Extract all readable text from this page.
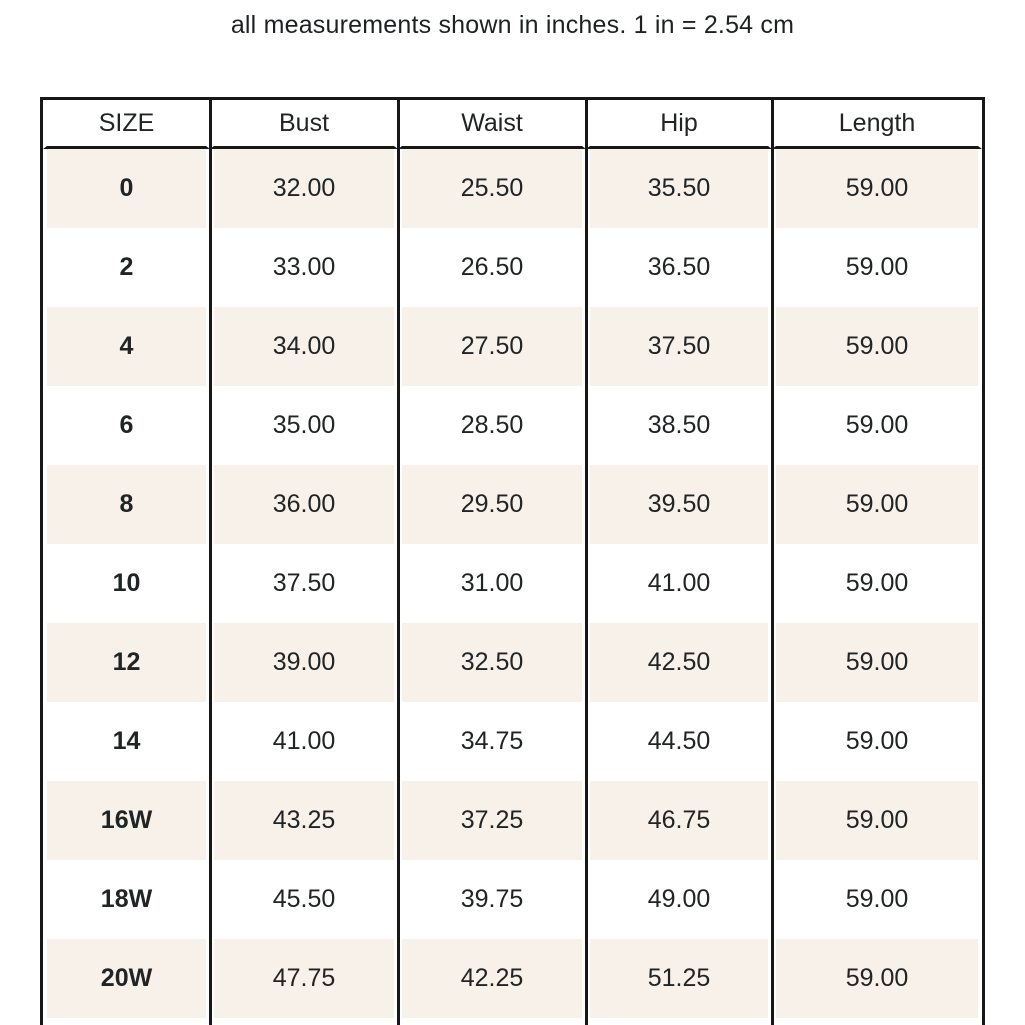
all measurements shown in inches. 1 in = 2.54 cm
SIZE	Bust	Waist	Hip	Length
0	32.00	25.50	35.50	59.00
2	33.00	26.50	36.50	59.00
4	34.00	27.50	37.50	59.00
6	35.00	28.50	38.50	59.00
8	36.00	29.50	39.50	59.00
10	37.50	31.00	41.00	59.00
12	39.00	32.50	42.50	59.00
14	41.00	34.75	44.50	59.00
16W	43.25	37.25	46.75	59.00
18W	45.50	39.75	49.00	59.00
20W	47.75	42.25	51.25	59.00
